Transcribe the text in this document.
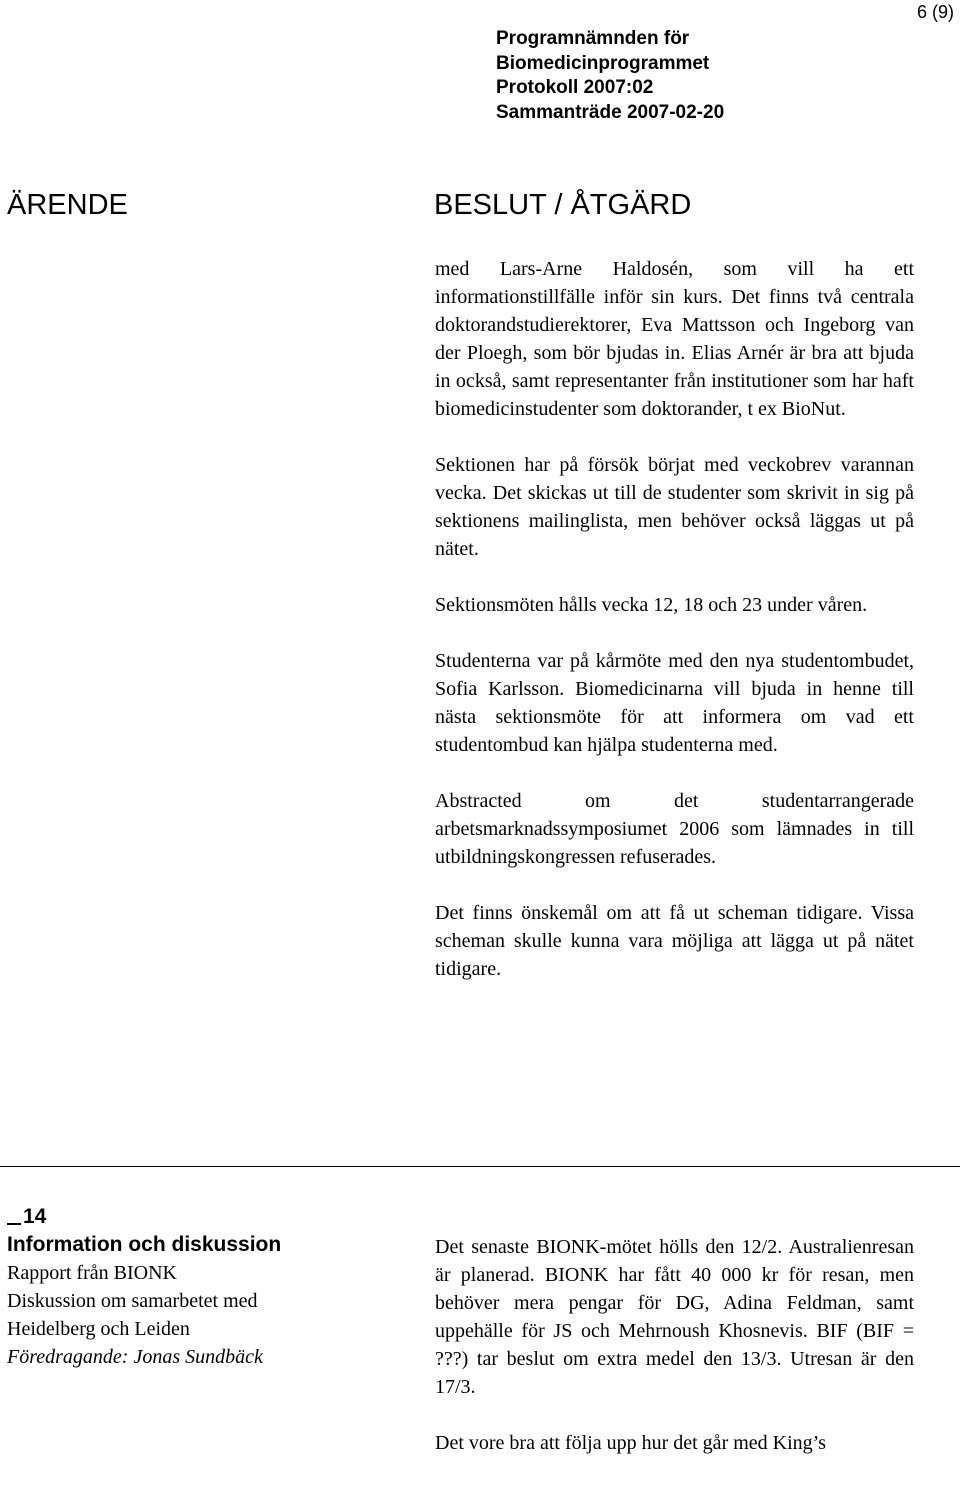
6 (9)
Programnämnden för
Biomedicinprogrammet
Protokoll 2007:02
Sammanträde 2007-02-20
ÄRENDE	BESLUT / ÅTGÄRD

med Lars-Arne Haldosén, som vill ha ett informationstillfälle inför sin kurs. Det finns två centrala doktorandstudierektorer, Eva Mattsson och Ingeborg van der Ploegh, som bör bjudas in. Elias Arnér är bra att bjuda in också, samt representanter från institutioner som har haft biomedicinstudenter som doktorander, t ex BioNut.

Sektionen har på försök börjat med veckobrev varannan vecka. Det skickas ut till de studenter som skrivit in sig på sektionens mailinglista, men behöver också läggas ut på nätet.

Sektionsmöten hålls vecka 12, 18 och 23 under våren.

Studenterna var på kårmöte med den nya studentombudet, Sofia Karlsson. Biomedicinarna vill bjuda in henne till nästa sektionsmöte för att informera om vad ett studentombud kan hjälpa studenterna med.

Abstracted om det studentarrangerade arbetsmarknadssymposiumet 2006 som lämnades in till utbildningskongressen refuserades.

Det finns önskemål om att få ut scheman tidigare. Vissa scheman skulle kunna vara möjliga att lägga ut på nätet tidigare.

14
Information och diskussion
Rapport från BIONK
Diskussion om samarbetet med
Heidelberg och Leiden
Föredragande: Jonas Sundbäck

Det senaste BIONK-mötet hölls den 12/2. Australienresan är planerad. BIONK har fått 40 000 kr för resan, men behöver mera pengar för DG, Adina Feldman, samt uppehälle för JS och Mehrnoush Khosnevis. BIF (BIF = ???) tar beslut om extra medel den 13/3. Utresan är den 17/3.

Det vore bra att följa upp hur det går med King’s
